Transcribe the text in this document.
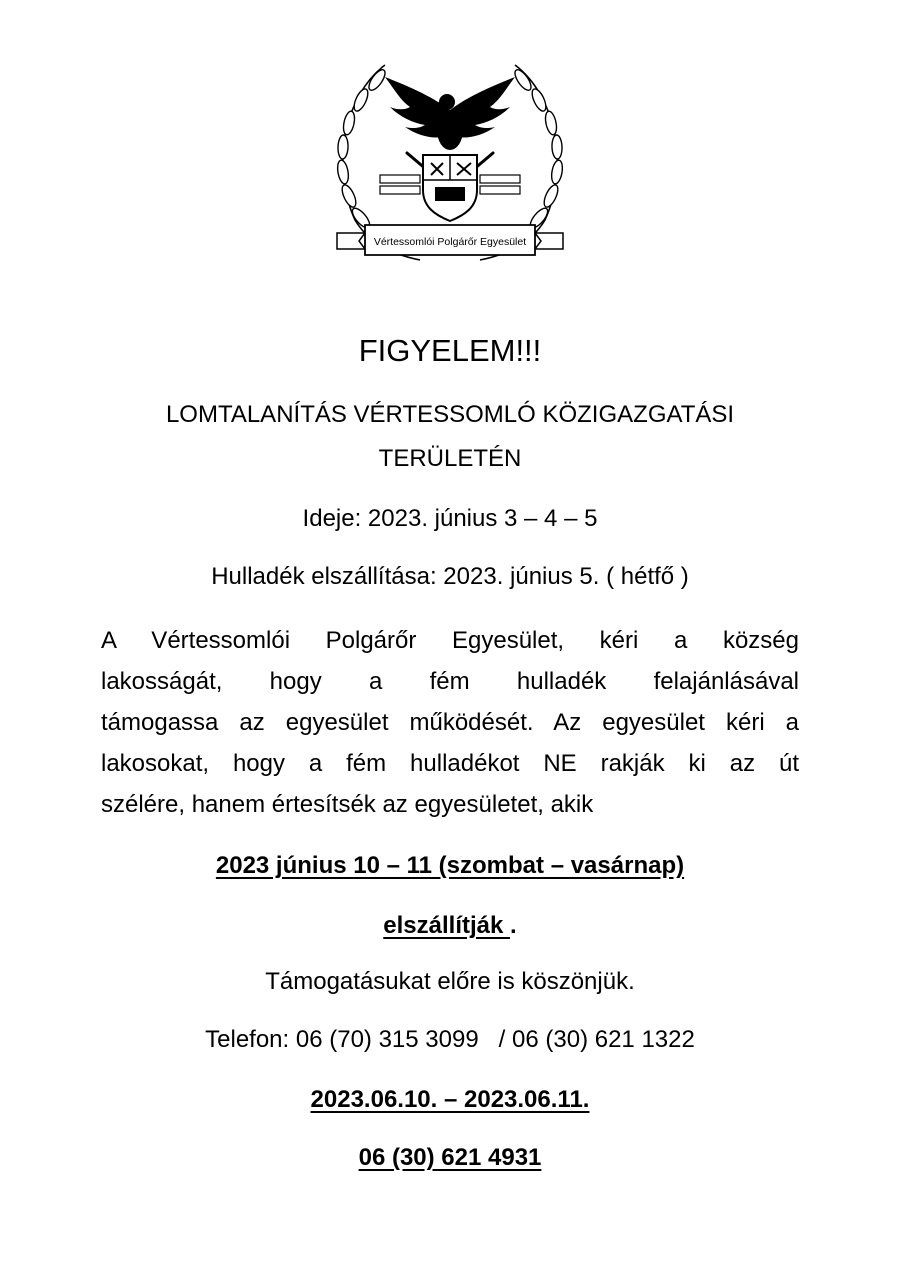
Vértessomlói Polgárőr Egyesület
FIGYELEM!!!
LOMTALANÍTÁS VÉRTESSOMLÓ KÖZIGAZGATÁSI
TERÜLETÉN
Ideje: 2023. június 3 – 4 – 5
Hulladék elszállítása: 2023. június 5. ( hétfő )
A Vértessomlói Polgárőr Egyesület, kéri a község
lakosságát, hogy a fém hulladék felajánlásával
támogassa az egyesület működését. Az egyesület kéri a
lakosokat, hogy a fém hulladékot NE rakják ki az út
szélére, hanem értesítsék az egyesületet, akik
2023 június 10 – 11 (szombat – vasárnap)
elszállítják .
Támogatásukat előre is köszönjük.
Telefon: 06 (70) 315 3099   / 06 (30) 621 1322
2023.06.10. – 2023.06.11.
06 (30) 621 4931
